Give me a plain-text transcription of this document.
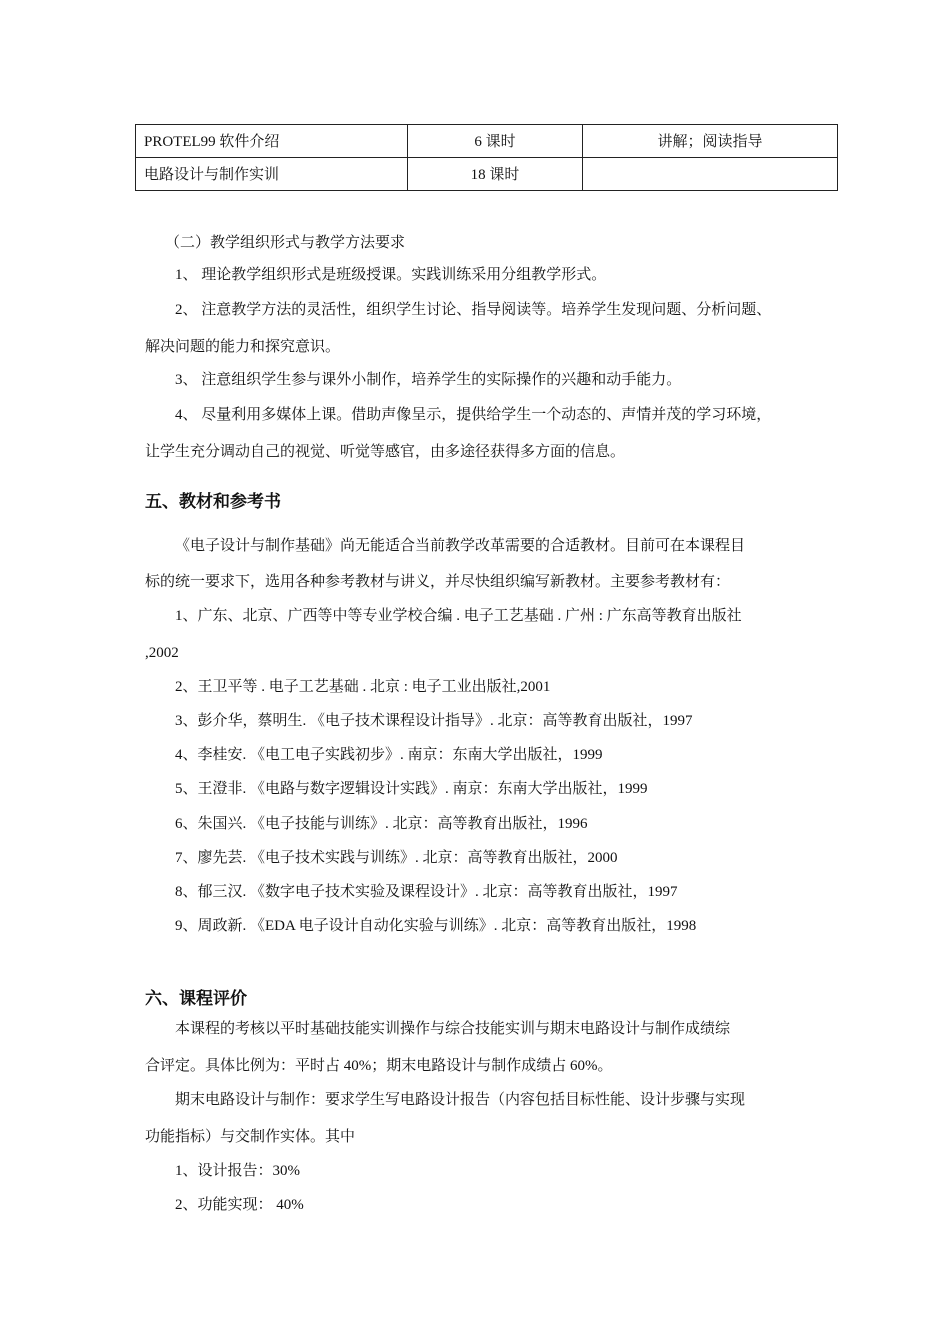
PROTEL99 软件介绍	6 课时	讲解；阅读指导
电路设计与制作实训	18 课时	
（二）教学组织形式与教学方法要求
1、 理论教学组织形式是班级授课。实践训练采用分组教学形式。
2、 注意教学方法的灵活性，组织学生讨论、指导阅读等。培养学生发现问题、分析问题、
解决问题的能力和探究意识。
3、 注意组织学生参与课外小制作，培养学生的实际操作的兴趣和动手能力。
4、 尽量利用多媒体上课。借助声像呈示，提供给学生一个动态的、声情并茂的学习环境，
让学生充分调动自己的视觉、听觉等感官，由多途径获得多方面的信息。
五、教材和参考书
《电子设计与制作基础》尚无能适合当前教学改革需要的合适教材。目前可在本课程目
标的统一要求下，选用各种参考教材与讲义，并尽快组织编写新教材。主要参考教材有：
1、广东、北京、广西等中等专业学校合编 . 电子工艺基础 . 广州 : 广东高等教育出版社
,2002
2、王卫平等 . 电子工艺基础 . 北京 : 电子工业出版社,2001
3、彭介华，蔡明生. 《电子技术课程设计指导》. 北京：高等教育出版社，1997
4、李桂安. 《电工电子实践初步》. 南京：东南大学出版社，1999
5、王澄非. 《电路与数字逻辑设计实践》. 南京：东南大学出版社，1999
6、朱国兴. 《电子技能与训练》. 北京：高等教育出版社，1996
7、廖先芸. 《电子技术实践与训练》. 北京：高等教育出版社，2000
8、郁三汉. 《数字电子技术实验及课程设计》. 北京：高等教育出版社，1997
9、周政新. 《EDA 电子设计自动化实验与训练》. 北京：高等教育出版社，1998
六、课程评价
本课程的考核以平时基础技能实训操作与综合技能实训与期末电路设计与制作成绩综
合评定。具体比例为：平时占 40%；期末电路设计与制作成绩占 60%。
期末电路设计与制作：要求学生写电路设计报告（内容包括目标性能、设计步骤与实现
功能指标）与交制作实体。其中
1、设计报告：30%
2、功能实现： 40%
